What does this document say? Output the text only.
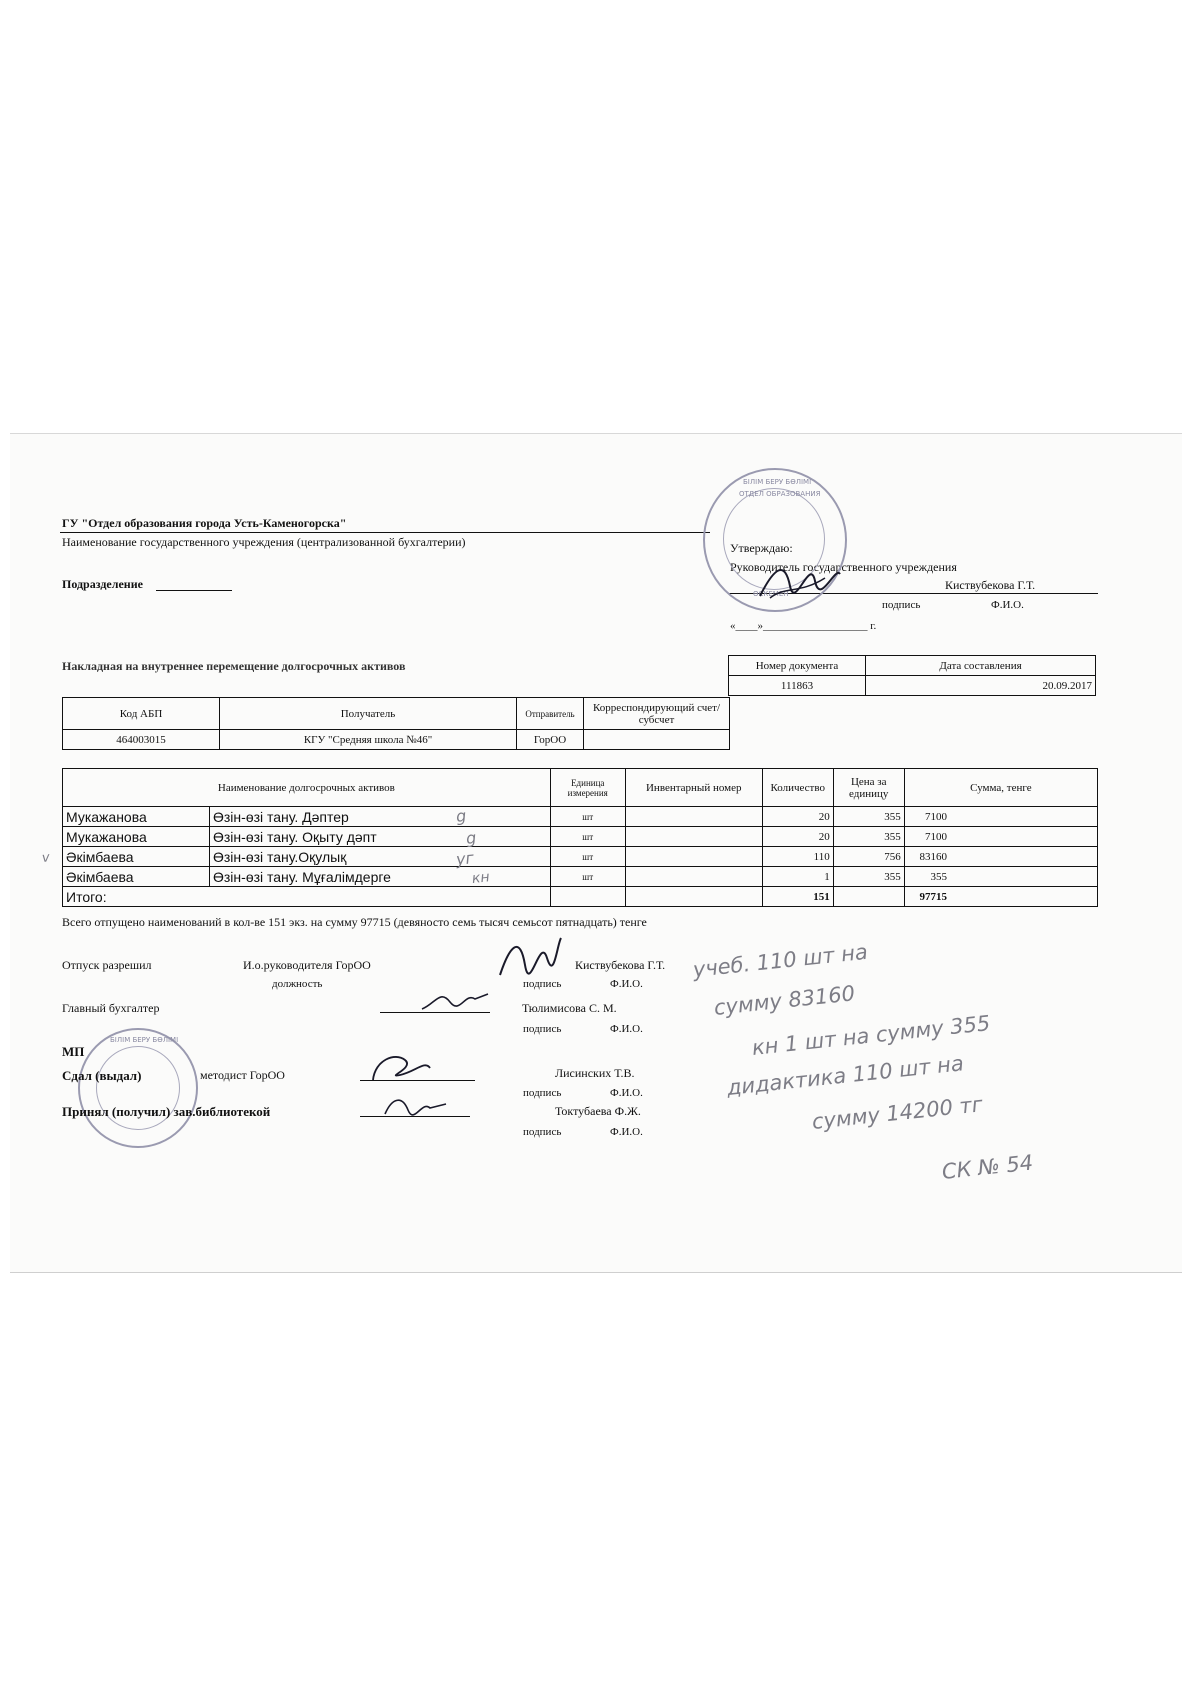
ГУ "Отдел образования города Усть-Каменогорска"
Наименование государственного учреждения (централизованной бухгалтерии)
Подразделение
Утверждаю:
Руководитель государственного учреждения
Киствубекова Г.Т.
подпись	Ф.И.О.
«____»___________________ г.
БІЛІМ БЕРУ БӨЛІМІ
ОТДЕЛ ОБРАЗОВАНИЯ
ӨСКЕМЕН
Накладная на внутреннее перемещение долгосрочных активов	Номер документа	Дата составления
111863	20.09.2017
Код АБП	Получатель	Отправитель	Корреспондирующий счет/субсчет
464003015	КГУ "Средняя школа №46"	ГорОО	
Наименование долгосрочных активов		Единица измерения	Инвентарный номер	Количество	Цена за единицу	Сумма, тенге
Мукажанова	Өзін-өзі тану. Дәптер	шт		20	355	7100
Мукажанова	Өзін-өзі тану. Оқыту дәпт	шт		20	355	7100
Әкімбаева	Өзін-өзі тану.Оқулық	шт		110	756	83160
Әкімбаева	Өзін-өзі тану. Мұғалімдерге	шт		1	355	355
Итого:				151		97715
g
g
уг
кн
v
Всего отпущено наименований в кол-ве 151 экз. на сумму 97715 (девяносто семь тысяч семьсот пятнадцать) тенге
Отпуск разрешил	И.о.руководителя ГорОО
должность
Киствубекова Г.Т.
подпись	Ф.И.О.
Главный бухгалтер	Тюлимисова С. М.
подпись	Ф.И.О.
МП
БІЛІМ БЕРУ БӨЛІМІ
Сдал (выдал)	методист ГорОО	Лисинских Т.В.
подпись	Ф.И.О.
Принял (получил) зав.библиотекой	Токтубаева Ф.Ж.
подпись	Ф.И.О.
учеб. 110 шт на
сумму 83160
кн 1 шт на сумму 355
дидактика 110 шт на
сумму 14200 тг
СК № 54
